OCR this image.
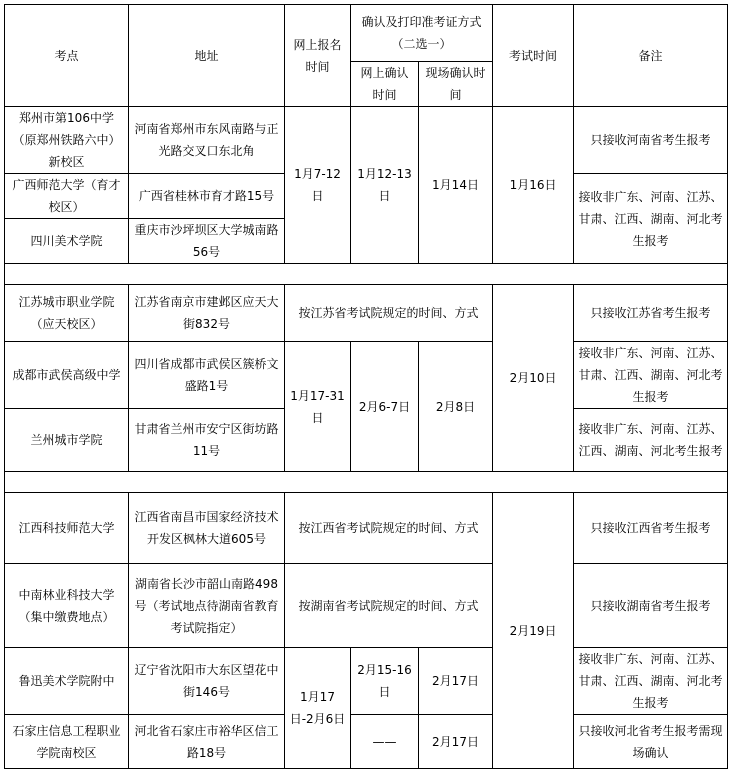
考点	地址	网上报名时间	确认及打印准考证方式（二选一）		考试时间	备注
			网上确认时间	现场确认时间		
郑州市第106中学（原郑州铁路六中）新校区	河南省郑州市东风南路与正光路交叉口东北角	1月7-12日	1月12-13日	1月14日	1月16日	只接收河南省考生报考
广西师范大学（育才校区）	广西省桂林市育才路15号					接收非广东、河南、江苏、甘肃、江西、湖南、河北考生报考
四川美术学院	重庆市沙坪坝区大学城南路56号					

江苏城市职业学院（应天校区）	江苏省南京市建邺区应天大街832号	按江苏省考试院规定的时间、方式			2月10日	只接收江苏省考生报考
成都市武侯高级中学	四川省成都市武侯区簇桥文盛路1号	1月17-31日	2月6-7日	2月8日		接收非广东、河南、江苏、甘肃、江西、湖南、河北考生报考
兰州城市学院	甘肃省兰州市安宁区街坊路11号					接收非广东、河南、江苏、江西、湖南、河北考生报考

江西科技师范大学	江西省南昌市国家经济技术开发区枫林大道605号	按江西省考试院规定的时间、方式			2月19日	只接收江西省考生报考
中南林业科技大学（集中缴费地点）	湖南省长沙市韶山南路498号（考试地点待湖南省教育考试院指定）	按湖南省考试院规定的时间、方式				只接收湖南省考生报考
鲁迅美术学院附中	辽宁省沈阳市大东区望花中街146号	1月17日-2月6日	2月15-16日	2月17日		接收非广东、河南、江苏、甘肃、江西、湖南、河北考生报考
石家庄信息工程职业学院南校区	河北省石家庄市裕华区信工路18号		——	2月17日		只接收河北省考生报考需现场确认
